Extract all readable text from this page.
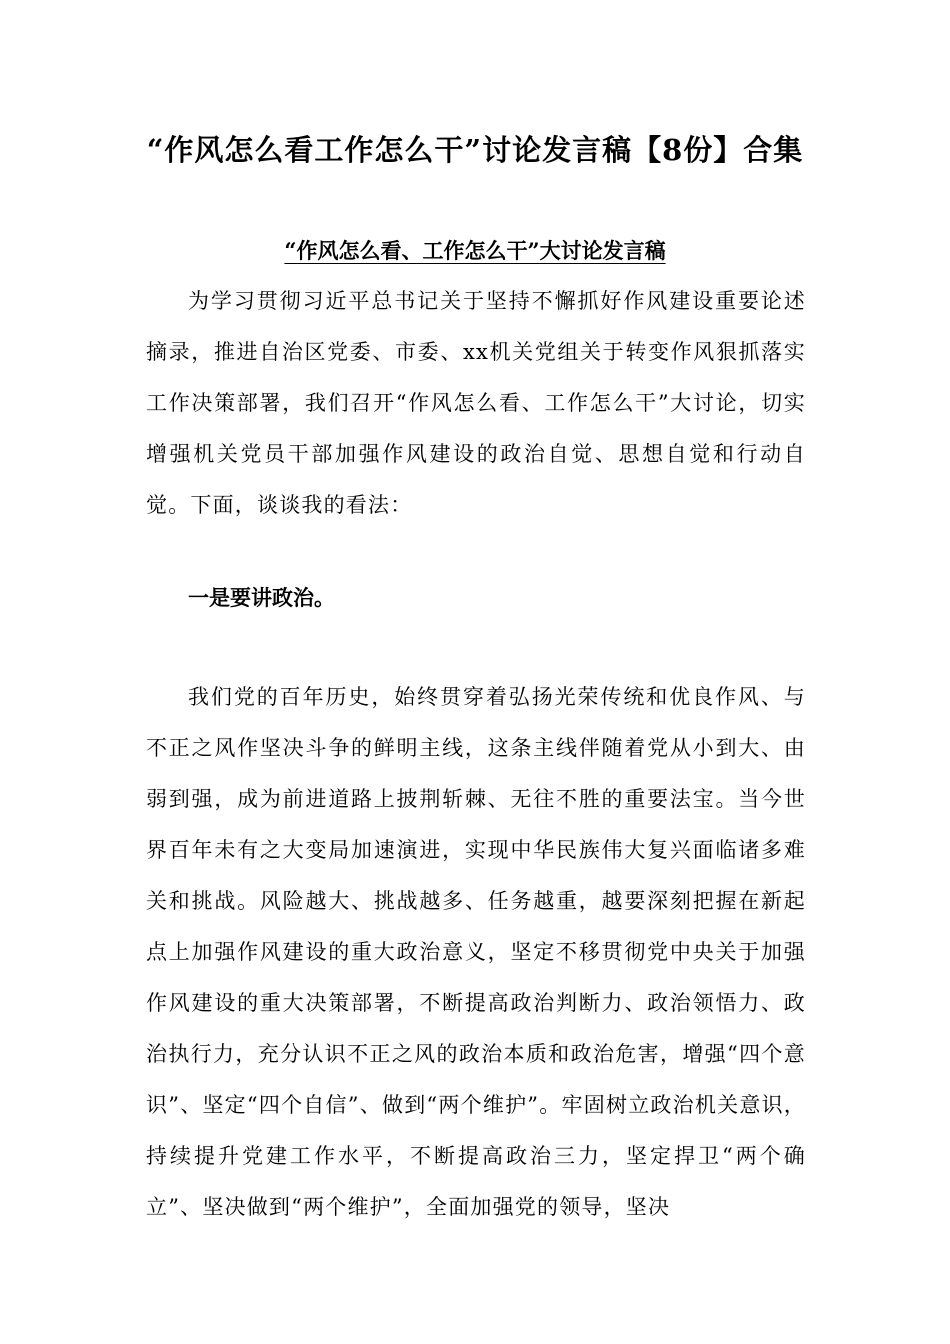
“作风怎么看工作怎么干”讨论发言稿【8份】合集
“作风怎么看、工作怎么干”大讨论发言稿

为学习贯彻习近平总书记关于坚持不懈抓好作风建设重要论述摘录，推进自治区党委、市委、xx机关党组关于转变作风狠抓落实工作决策部署，我们召开“作风怎么看、工作怎么干”大讨论，切实增强机关党员干部加强作风建设的政治自觉、思想自觉和行动自觉。下面，谈谈我的看法：

一是要讲政治。

我们党的百年历史，始终贯穿着弘扬光荣传统和优良作风、与不正之风作坚决斗争的鲜明主线，这条主线伴随着党从小到大、由弱到强，成为前进道路上披荆斩棘、无往不胜的重要法宝。当今世界百年未有之大变局加速演进，实现中华民族伟大复兴面临诸多难关和挑战。风险越大、挑战越多、任务越重，越要深刻把握在新起点上加强作风建设的重大政治意义，坚定不移贯彻党中央关于加强作风建设的重大决策部署，不断提高政治判断力、政治领悟力、政治执行力，充分认识不正之风的政治本质和政治危害，增强“四个意识”、坚定“四个自信”、做到“两个维护”。牢固树立政治机关意识，持续提升党建工作水平，不断提高政治三力，坚定捍卫“两个确立”、坚决做到“两个维护”，全面加强党的领导，坚决
